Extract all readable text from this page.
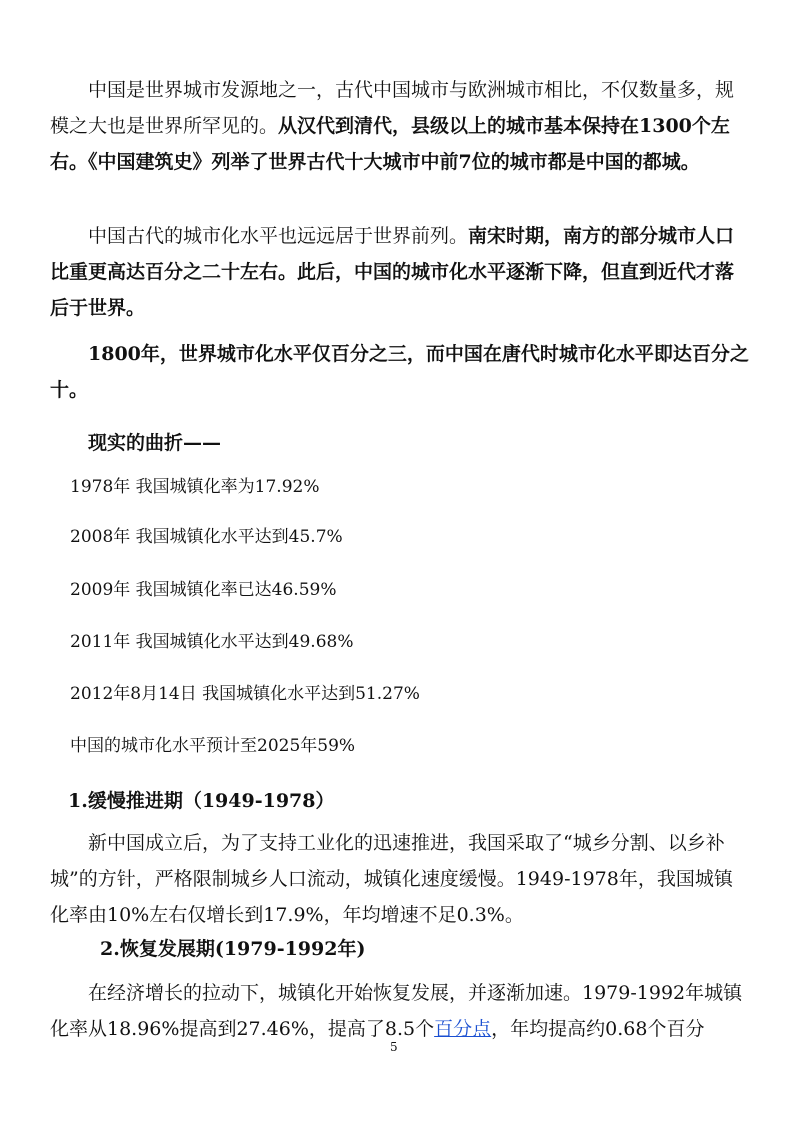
中国是世界城市发源地之一，古代中国城市与欧洲城市相比，不仅数量多，规模之大也是世界所罕见的。从汉代到清代，县级以上的城市基本保持在1300个左右。《中国建筑史》列举了世界古代十大城市中前7位的城市都是中国的都城。

中国古代的城市化水平也远远居于世界前列。南宋时期，南方的部分城市人口比重更高达百分之二十左右。此后，中国的城市化水平逐渐下降，但直到近代才落后于世界。

1800年，世界城市化水平仅百分之三，而中国在唐代时城市化水平即达百分之十。

现实的曲折——

1978年 我国城镇化率为17.92%

2008年 我国城镇化水平达到45.7%

2009年 我国城镇化率已达46.59%

2011年 我国城镇化水平达到49.68%

2012年8月14日 我国城镇化水平达到51.27%

中国的城市化水平预计至2025年59%

1.缓慢推进期（1949-1978）

新中国成立后，为了支持工业化的迅速推进，我国采取了“城乡分割、以乡补城”的方针，严格限制城乡人口流动，城镇化速度缓慢。1949-1978年，我国城镇化率由10%左右仅增长到17.9%，年均增速不足0.3%。

2.恢复发展期(1979-1992年)

在经济增长的拉动下，城镇化开始恢复发展，并逐渐加速。1979-1992年城镇化率从18.96%提高到27.46%，提高了8.5个百分点，年均提高约0.68个百分

5
